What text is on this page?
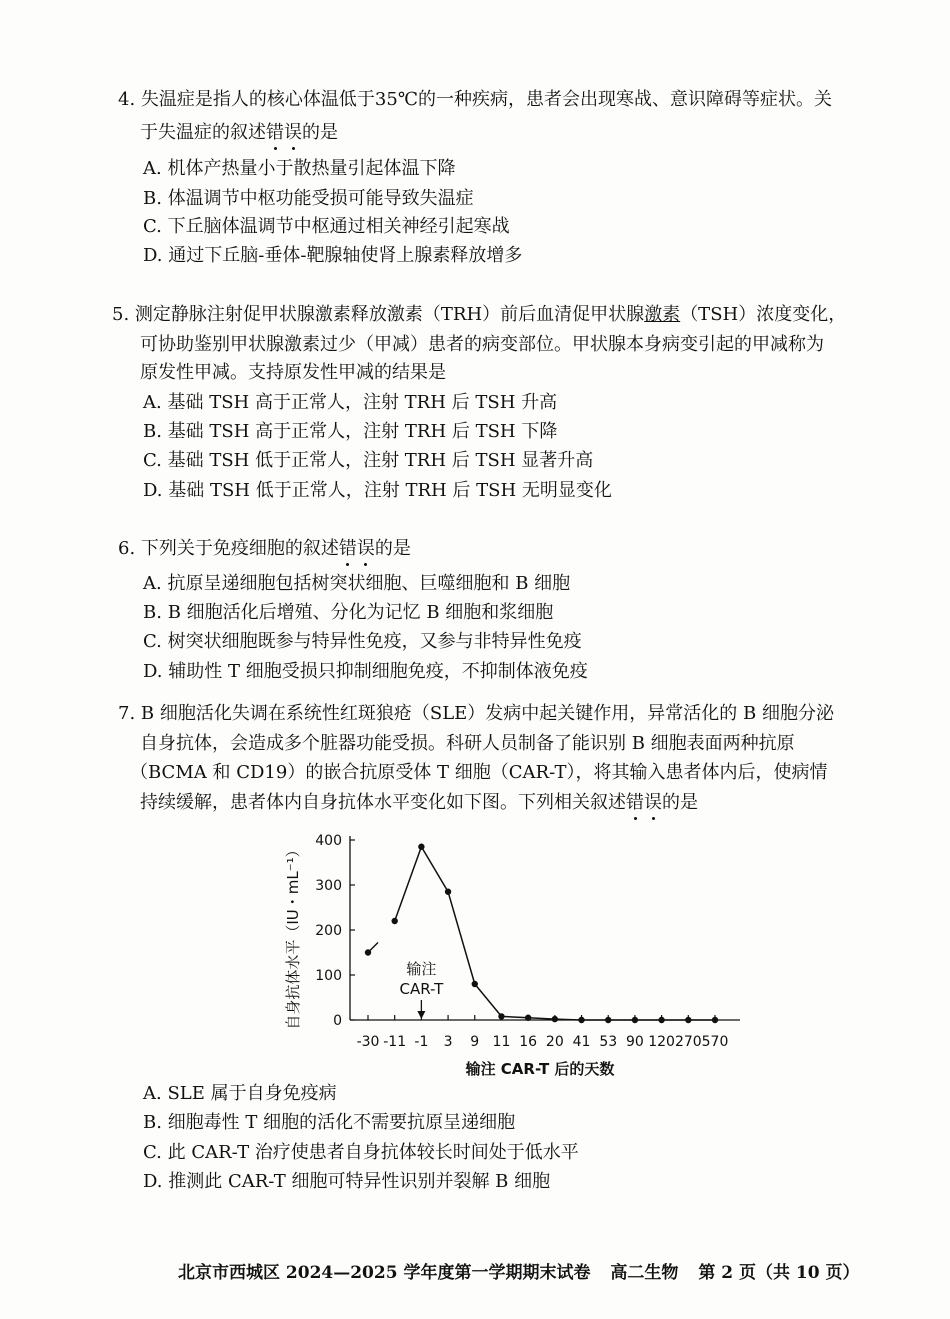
4. 失温症是指人的核心体温低于35℃的一种疾病，患者会出现寒战、意识障碍等症状。关
于失温症的叙述错误的是
A. 机体产热量小于散热量引起体温下降
B. 体温调节中枢功能受损可能导致失温症
C. 下丘脑体温调节中枢通过相关神经引起寒战
D. 通过下丘脑-垂体-靶腺轴使肾上腺素释放增多
5. 测定静脉注射促甲状腺激素释放激素（TRH）前后血清促甲状腺激素（TSH）浓度变化，
可协助鉴别甲状腺激素过少（甲减）患者的病变部位。甲状腺本身病变引起的甲减称为
原发性甲减。支持原发性甲减的结果是
A. 基础 TSH 高于正常人，注射 TRH 后 TSH 升高
B. 基础 TSH 高于正常人，注射 TRH 后 TSH 下降
C. 基础 TSH 低于正常人，注射 TRH 后 TSH 显著升高
D. 基础 TSH 低于正常人，注射 TRH 后 TSH 无明显变化
6. 下列关于免疫细胞的叙述错误的是
A. 抗原呈递细胞包括树突状细胞、巨噬细胞和 B 细胞
B. B 细胞活化后增殖、分化为记忆 B 细胞和浆细胞
C. 树突状细胞既参与特异性免疫，又参与非特异性免疫
D. 辅助性 T 细胞受损只抑制细胞免疫，不抑制体液免疫
7. B 细胞活化失调在系统性红斑狼疮（SLE）发病中起关键作用，异常活化的 B 细胞分泌
自身抗体，会造成多个脏器功能受损。科研人员制备了能识别 B 细胞表面两种抗原
（BCMA 和 CD19）的嵌合抗原受体 T 细胞（CAR-T），将其输入患者体内后，使病情
持续缓解，患者体内自身抗体水平变化如下图。下列相关叙述错误的是
0
100
200
300
400
-30 -11 -1 3 9 11 16 20 41 53 90 120 270 570
自身抗体水平（IU・mL⁻¹）
输注 CAR-T 后的天数
输注
CAR-T
A. SLE 属于自身免疫病
B. 细胞毒性 T 细胞的活化不需要抗原呈递细胞
C. 此 CAR-T 治疗使患者自身抗体较长时间处于低水平
D. 推测此 CAR-T 细胞可特异性识别并裂解 B 细胞
北京市西城区 2024—2025 学年度第一学期期末试卷 高二生物 第 2 页（共 10 页）
